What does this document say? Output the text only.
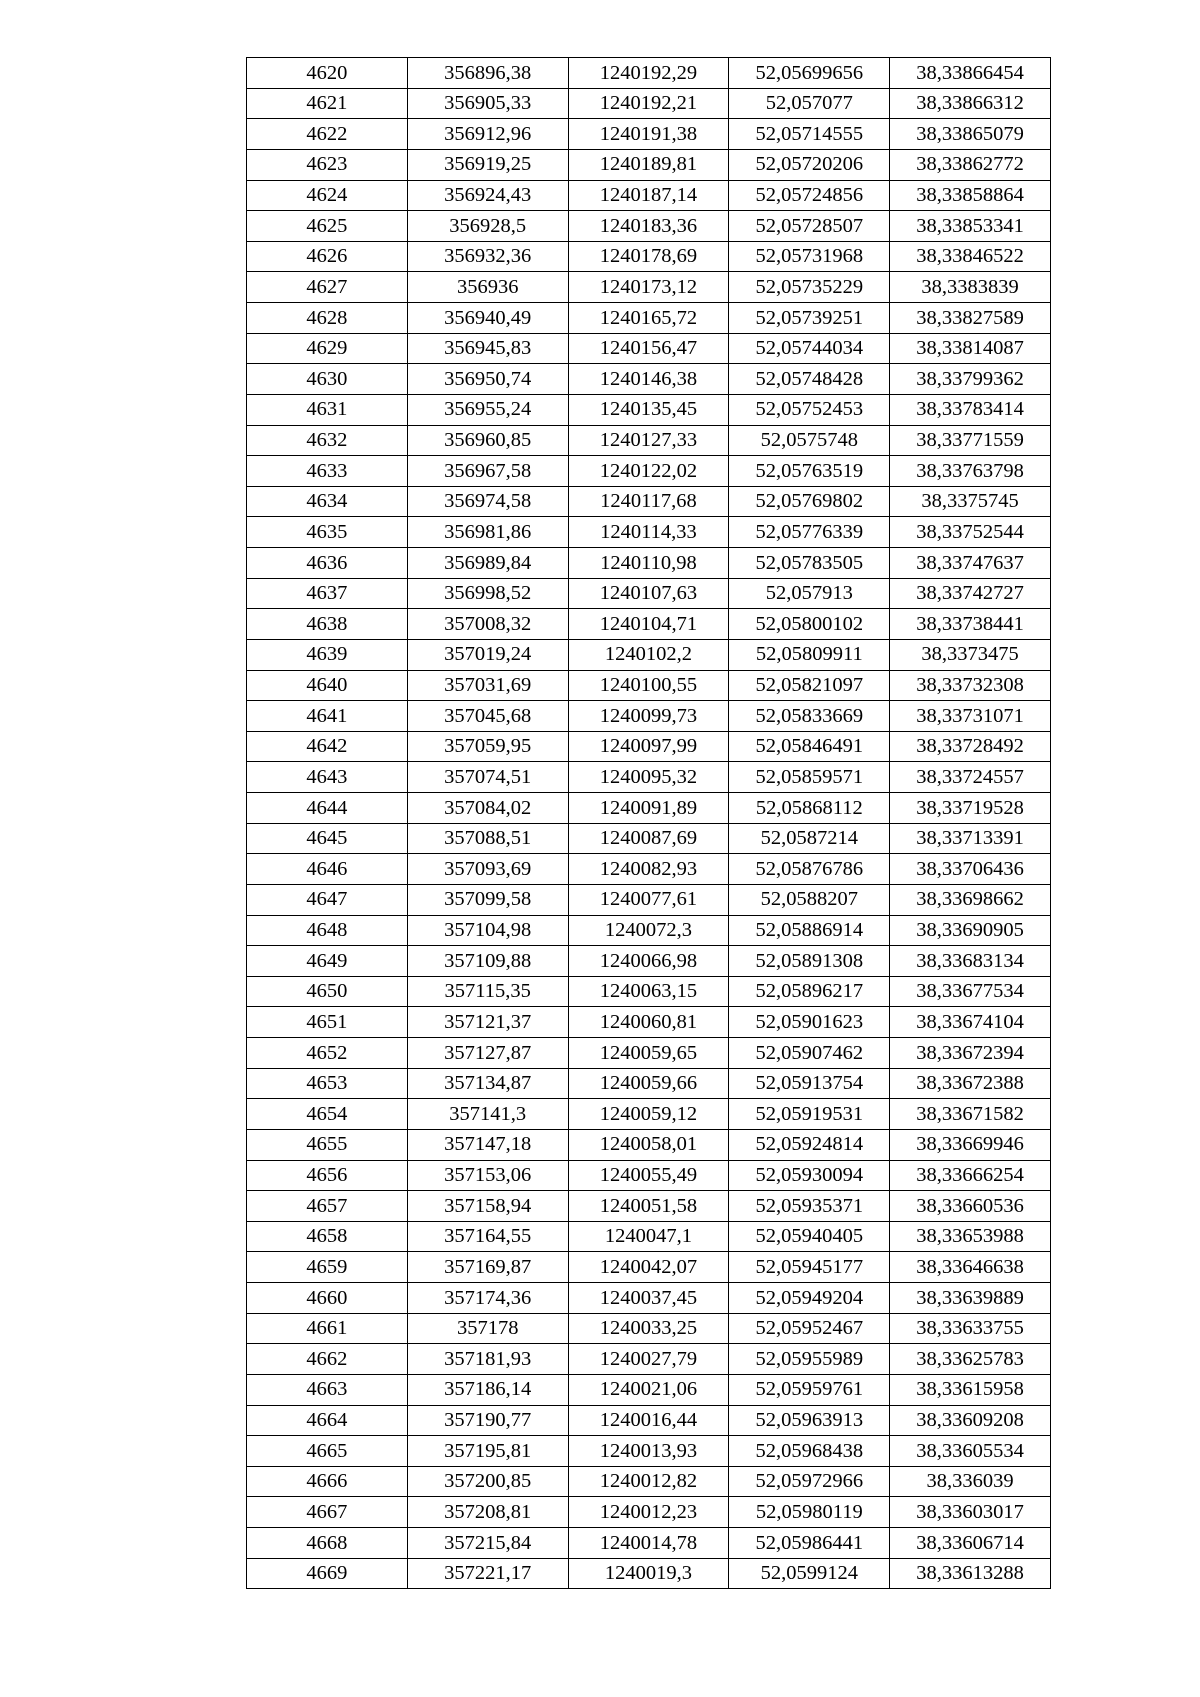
4620	356896,38	1240192,29	52,05699656	38,33866454
4621	356905,33	1240192,21	52,057077	38,33866312
4622	356912,96	1240191,38	52,05714555	38,33865079
4623	356919,25	1240189,81	52,05720206	38,33862772
4624	356924,43	1240187,14	52,05724856	38,33858864
4625	356928,5	1240183,36	52,05728507	38,33853341
4626	356932,36	1240178,69	52,05731968	38,33846522
4627	356936	1240173,12	52,05735229	38,3383839
4628	356940,49	1240165,72	52,05739251	38,33827589
4629	356945,83	1240156,47	52,05744034	38,33814087
4630	356950,74	1240146,38	52,05748428	38,33799362
4631	356955,24	1240135,45	52,05752453	38,33783414
4632	356960,85	1240127,33	52,0575748	38,33771559
4633	356967,58	1240122,02	52,05763519	38,33763798
4634	356974,58	1240117,68	52,05769802	38,3375745
4635	356981,86	1240114,33	52,05776339	38,33752544
4636	356989,84	1240110,98	52,05783505	38,33747637
4637	356998,52	1240107,63	52,057913	38,33742727
4638	357008,32	1240104,71	52,05800102	38,33738441
4639	357019,24	1240102,2	52,05809911	38,3373475
4640	357031,69	1240100,55	52,05821097	38,33732308
4641	357045,68	1240099,73	52,05833669	38,33731071
4642	357059,95	1240097,99	52,05846491	38,33728492
4643	357074,51	1240095,32	52,05859571	38,33724557
4644	357084,02	1240091,89	52,05868112	38,33719528
4645	357088,51	1240087,69	52,0587214	38,33713391
4646	357093,69	1240082,93	52,05876786	38,33706436
4647	357099,58	1240077,61	52,0588207	38,33698662
4648	357104,98	1240072,3	52,05886914	38,33690905
4649	357109,88	1240066,98	52,05891308	38,33683134
4650	357115,35	1240063,15	52,05896217	38,33677534
4651	357121,37	1240060,81	52,05901623	38,33674104
4652	357127,87	1240059,65	52,05907462	38,33672394
4653	357134,87	1240059,66	52,05913754	38,33672388
4654	357141,3	1240059,12	52,05919531	38,33671582
4655	357147,18	1240058,01	52,05924814	38,33669946
4656	357153,06	1240055,49	52,05930094	38,33666254
4657	357158,94	1240051,58	52,05935371	38,33660536
4658	357164,55	1240047,1	52,05940405	38,33653988
4659	357169,87	1240042,07	52,05945177	38,33646638
4660	357174,36	1240037,45	52,05949204	38,33639889
4661	357178	1240033,25	52,05952467	38,33633755
4662	357181,93	1240027,79	52,05955989	38,33625783
4663	357186,14	1240021,06	52,05959761	38,33615958
4664	357190,77	1240016,44	52,05963913	38,33609208
4665	357195,81	1240013,93	52,05968438	38,33605534
4666	357200,85	1240012,82	52,05972966	38,336039
4667	357208,81	1240012,23	52,05980119	38,33603017
4668	357215,84	1240014,78	52,05986441	38,33606714
4669	357221,17	1240019,3	52,0599124	38,33613288
